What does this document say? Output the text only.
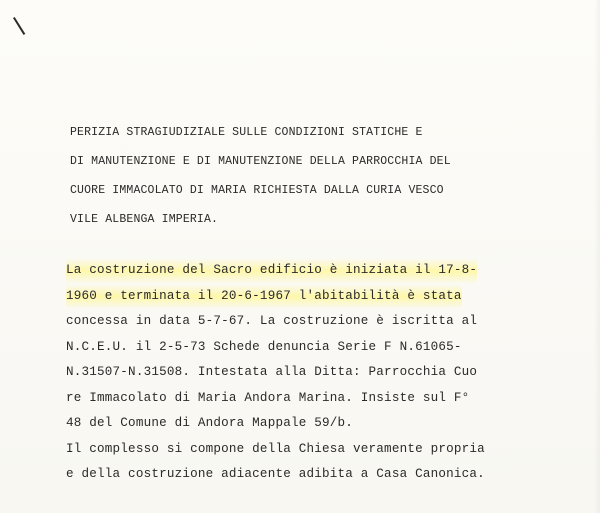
PERIZIA STRAGIUDIZIALE SULLE CONDIZIONI STATICHE E
DI MANUTENZIONE E DI MANUTENZIONE DELLA PARROCCHIA DEL
CUORE IMMACOLATO DI MARIA RICHIESTA DALLA CURIA VESCO
VILE ALBENGA IMPERIA.
La costruzione del Sacro edificio è iniziata il 17-8-
1960 e terminata il 20-6-1967 l'abitabilità è stata
concessa in data 5-7-67. La costruzione è iscritta al
N.C.E.U. il 2-5-73 Schede denuncia Serie F N.61065-
N.31507-N.31508. Intestata alla Ditta: Parrocchia Cuo
re Immacolato di Maria Andora Marina. Insiste sul F°
48 del Comune di Andora Mappale 59/b.
Il complesso si compone della Chiesa veramente propria
e della costruzione adiacente adibita a Casa Canonica.
